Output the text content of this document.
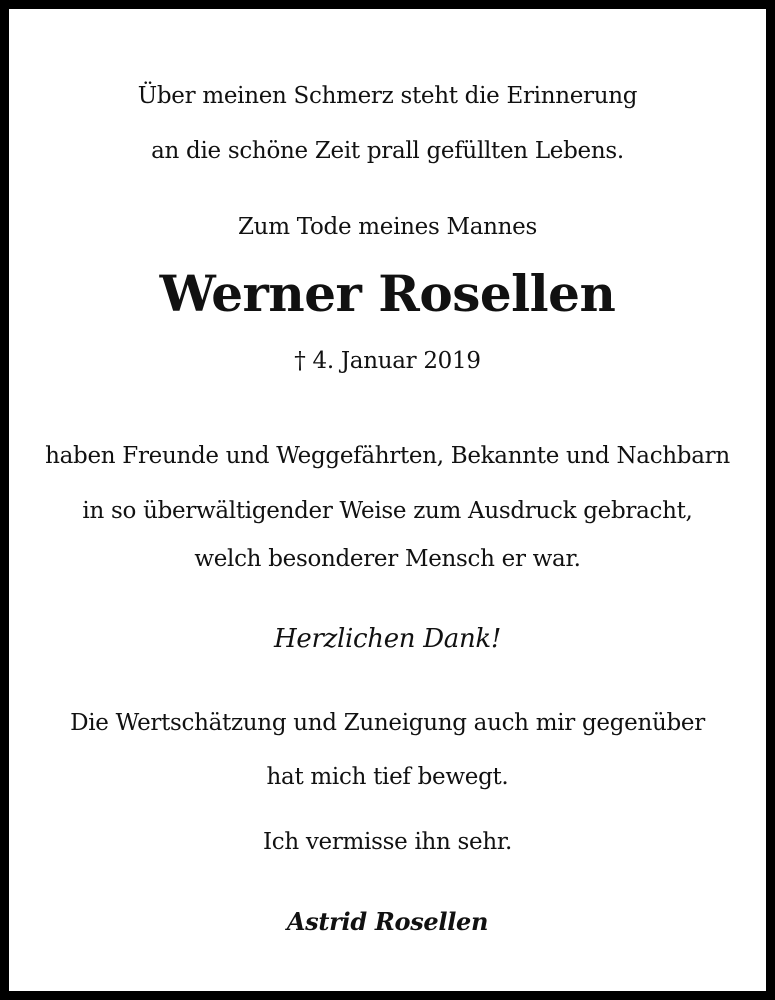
Über meinen Schmerz steht die Erinnerung
an die schöne Zeit prall gefüllten Lebens.
Zum Tode meines Mannes
Werner Rosellen
† 4. Januar 2019
haben Freunde und Weggefährten, Bekannte und Nachbarn
in so überwältigender Weise zum Ausdruck gebracht,
welch besonderer Mensch er war.
Herzlichen Dank!
Die Wertschätzung und Zuneigung auch mir gegenüber
hat mich tief bewegt.
Ich vermisse ihn sehr.
Astrid Rosellen
